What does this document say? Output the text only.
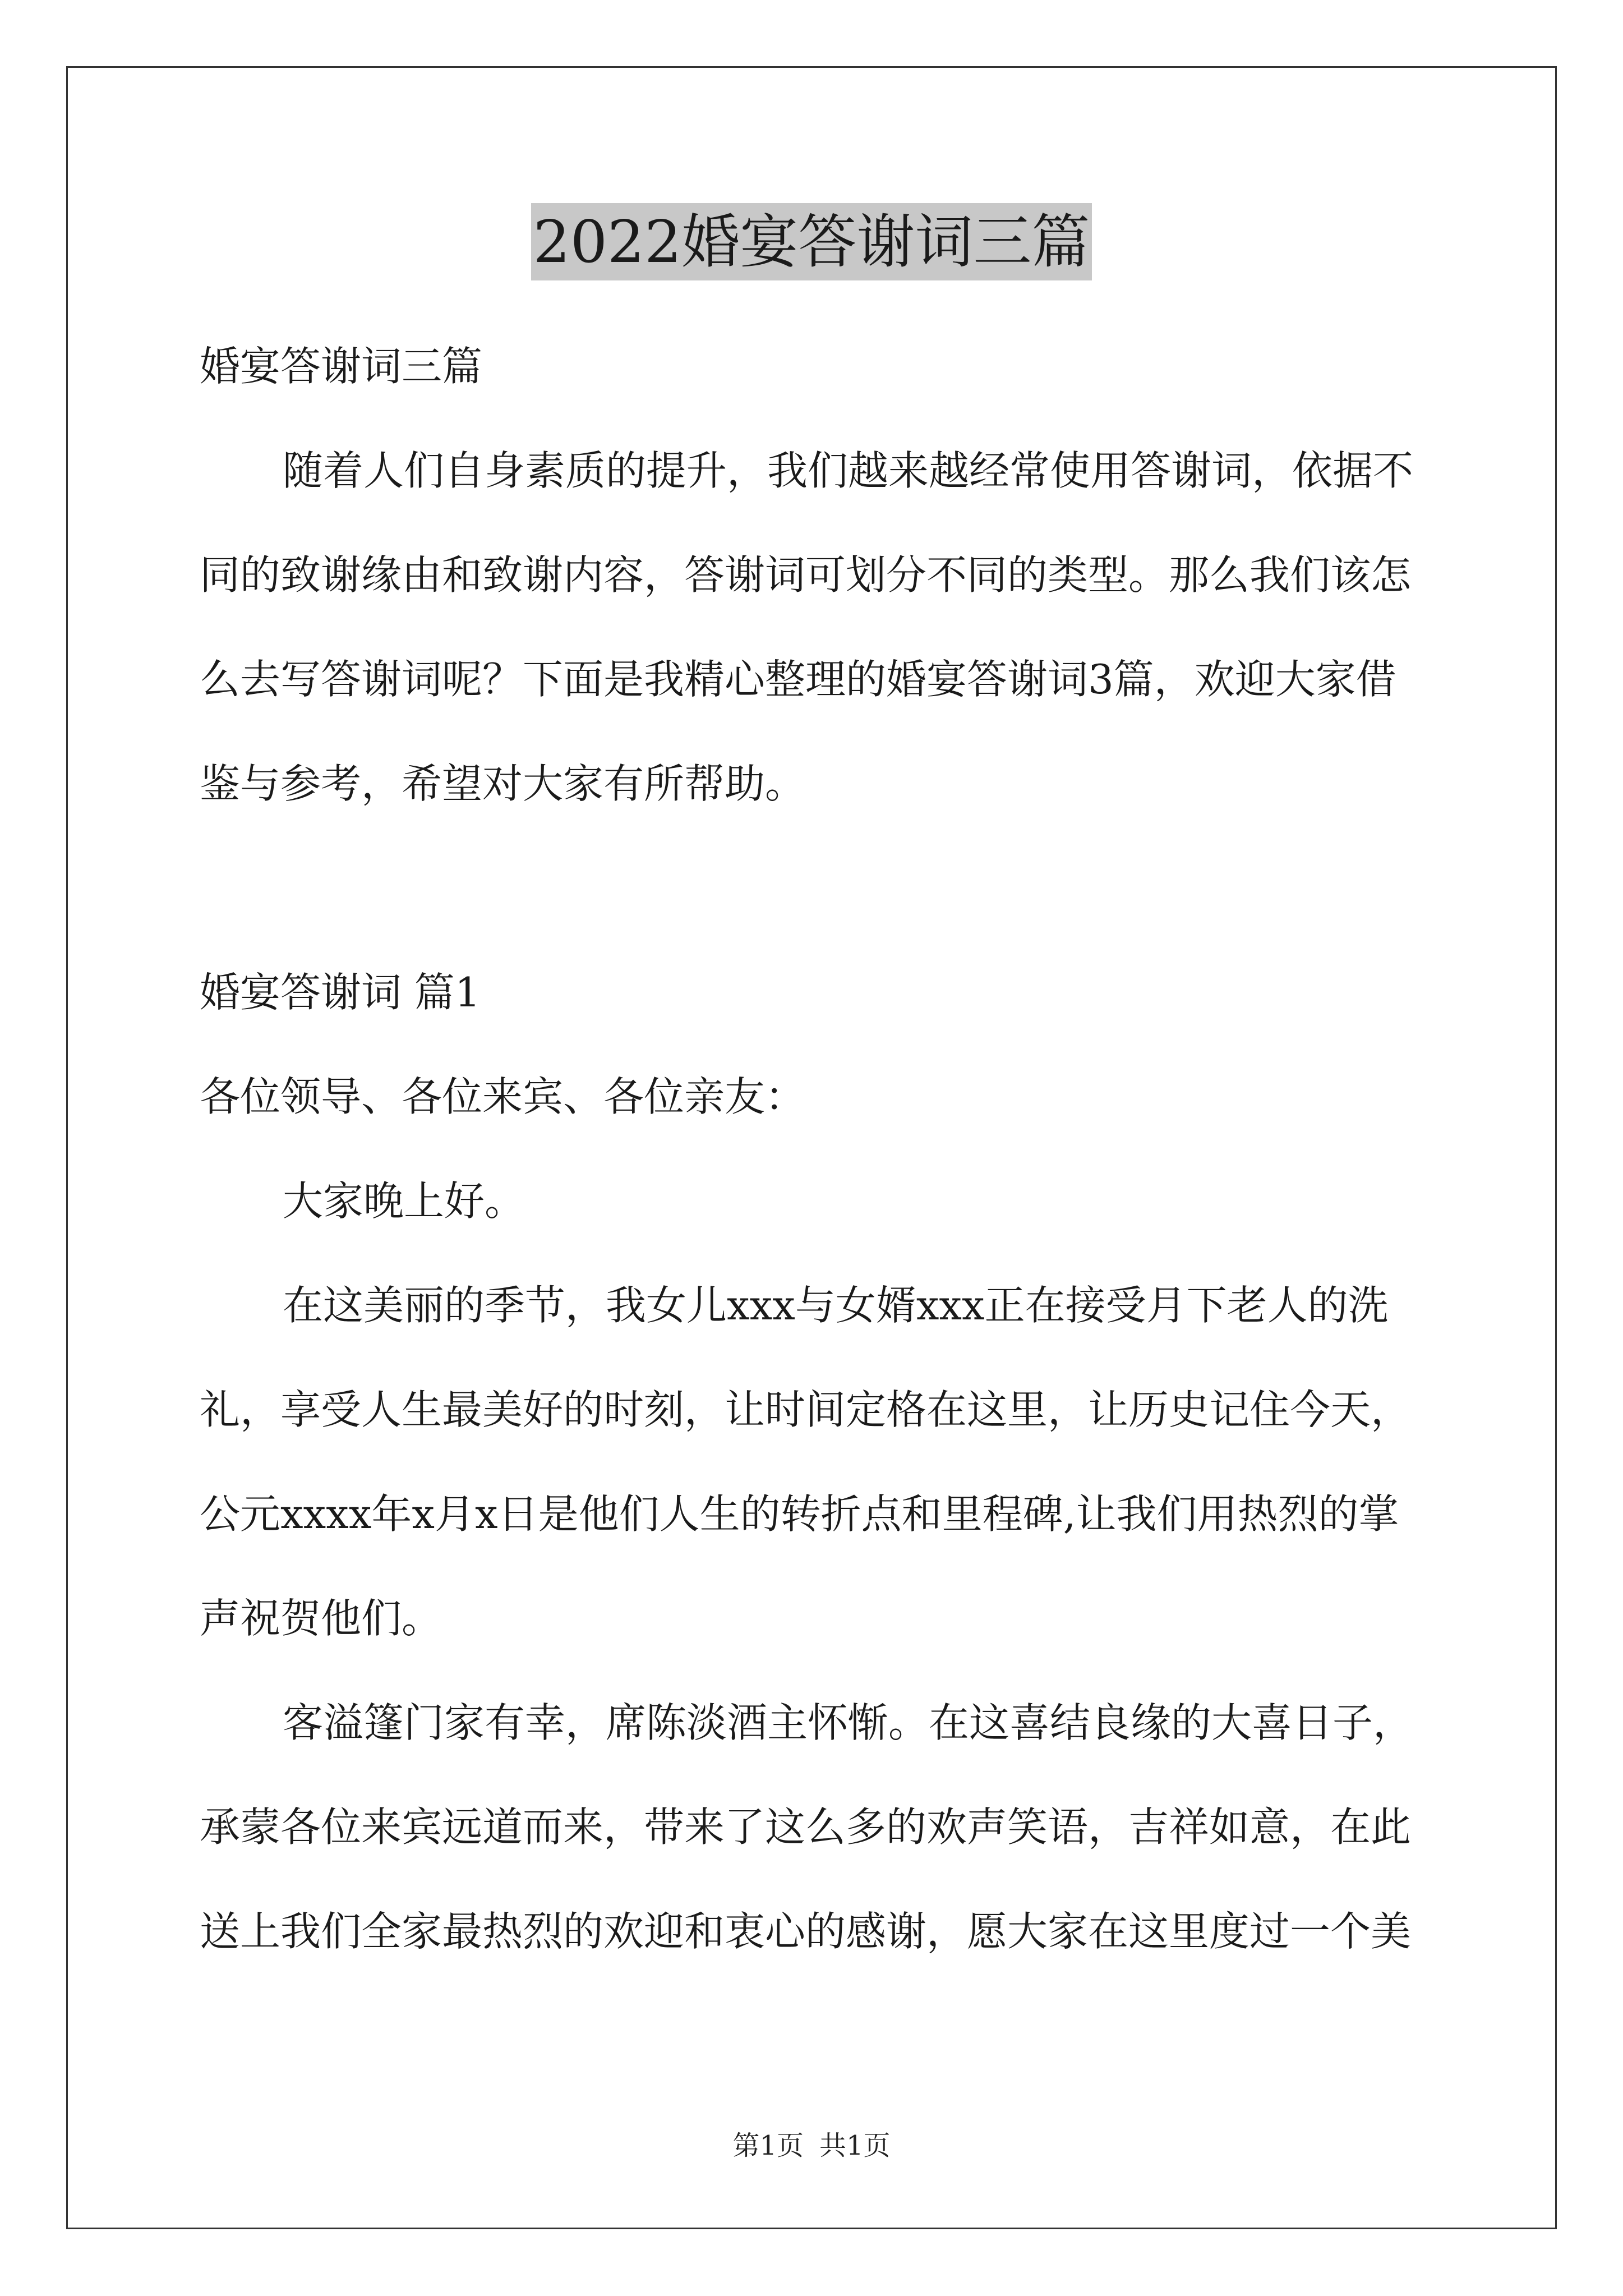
2022婚宴答谢词三篇

婚宴答谢词三篇

随着人们自身素质的提升，我们越来越经常使用答谢词，依据不同的致谢缘由和致谢内容，答谢词可划分不同的类型。那么我们该怎么去写答谢词呢？下面是我精心整理的婚宴答谢词3篇，欢迎大家借鉴与参考，希望对大家有所帮助。

婚宴答谢词 篇1

各位领导、各位来宾、各位亲友：

大家晚上好。

在这美丽的季节，我女儿xxx与女婿xxx正在接受月下老人的洗礼，享受人生最美好的时刻，让时间定格在这里，让历史记住今天，公元xxxx年x月x日是他们人生的转折点和里程碑,让我们用热烈的掌声祝贺他们。

客溢篷门家有幸，席陈淡酒主怀惭。在这喜结良缘的大喜日子，承蒙各位来宾远道而来，带来了这么多的欢声笑语，吉祥如意，在此送上我们全家最热烈的欢迎和衷心的感谢，愿大家在这里度过一个美

第1页 共1页
